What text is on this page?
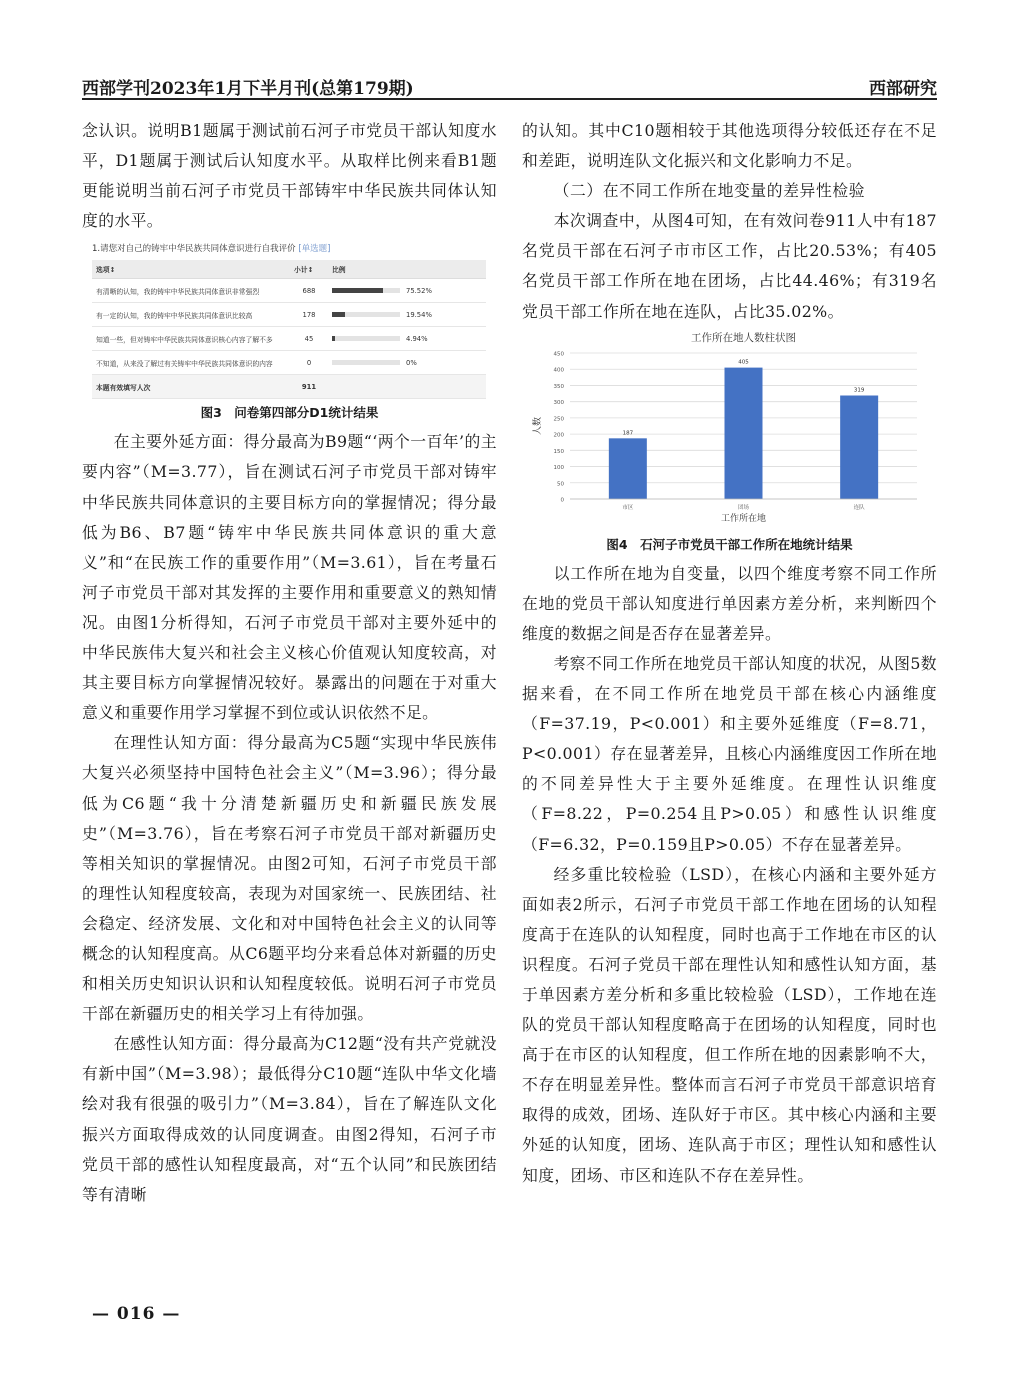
西部学刊2023年1月下半月刊(总第179期)	西部研究

念认识。说明B1题属于测试前石河子市党员干部认知度水平，D1题属于测试后认知度水平。从取样比例来看B1题更能说明当前石河子市党员干部铸牢中华民族共同体认知度的水平。

1.请您对自己的铸牢中华民族共同体意识进行自我评价 [单选题]
选项↕	小计↕	比例
有清晰的认知，我的铸牢中华民族共同体意识非常强烈	688	75.52%
有一定的认知，我的铸牢中华民族共同体意识比较高	178	19.54%
知道一些，但对铸牢中华民族共同体意识核心内容了解不多	45	4.94%
不知道，从来没了解过有关铸牢中华民族共同体意识的内容	0	0%
本题有效填写人次	911	
图3　问卷第四部分D1统计结果

在主要外延方面：得分最高为B9题“‘两个一百年’的主要内容”（M=3.77），旨在测试石河子市党员干部对铸牢中华民族共同体意识的主要目标方向的掌握情况；得分最低为B6、B7题“铸牢中华民族共同体意识的重大意义”和“在民族工作的重要作用”（M=3.61），旨在考量石河子市党员干部对其发挥的主要作用和重要意义的熟知情况。由图1分析得知，石河子市党员干部对主要外延中的中华民族伟大复兴和社会主义核心价值观认知度较高，对其主要目标方向掌握情况较好。暴露出的问题在于对重大意义和重要作用学习掌握不到位或认识依然不足。

在理性认知方面：得分最高为C5题“实现中华民族伟大复兴必须坚持中国特色社会主义”（M=3.96）；得分最低为C6题“我十分清楚新疆历史和新疆民族发展史”（M=3.76），旨在考察石河子市党员干部对新疆历史等相关知识的掌握情况。由图2可知，石河子市党员干部的理性认知程度较高，表现为对国家统一、民族团结、社会稳定、经济发展、文化和对中国特色社会主义的认同等概念的认知程度高。从C6题平均分来看总体对新疆的历史和相关历史知识认识和认知程度较低。说明石河子市党员干部在新疆历史的相关学习上有待加强。

在感性认知方面：得分最高为C12题“没有共产党就没有新中国”（M=3.98）；最低得分C10题“连队中华文化墙绘对我有很强的吸引力”（M=3.84），旨在了解连队文化振兴方面取得成效的认同度调查。由图2得知，石河子市党员干部的感性认知程度最高，对“五个认同”和民族团结等有清晰

的认知。其中C10题相较于其他选项得分较低还存在不足和差距，说明连队文化振兴和文化影响力不足。

（二）在不同工作所在地变量的差异性检验

本次调查中，从图4可知，在有效问卷911人中有187名党员干部在石河子市市区工作，占比20.53%；有405名党员干部工作所在地在团场，占比44.46%；有319名党员干部工作所在地在连队，占比35.02%。

工作所在地人数柱状图
0
50
100
150
200
250
300
350
400
450
人数	187
市区
405
团场
319
连队
工作所在地
图4　石河子市党员干部工作所在地统计结果

以工作所在地为自变量，以四个维度考察不同工作所在地的党员干部认知度进行单因素方差分析，来判断四个维度的数据之间是否存在显著差异。

考察不同工作所在地党员干部认知度的状况，从图5数据来看，在不同工作所在地党员干部在核心内涵维度（F=37.19，P<0.001）和主要外延维度（F=8.71，P<0.001）存在显著差异，且核心内涵维度因工作所在地的不同差异性大于主要外延维度。在理性认识维度（F=8.22，P=0.254且P>0.05）和感性认识维度（F=6.32，P=0.159且P>0.05）不存在显著差异。

经多重比较检验（LSD），在核心内涵和主要外延方面如表2所示，石河子市党员干部工作地在团场的认知程度高于在连队的认知程度，同时也高于工作地在市区的认识程度。石河子党员干部在理性认知和感性认知方面，基于单因素方差分析和多重比较检验（LSD），工作地在连队的党员干部认知程度略高于在团场的认知程度，同时也高于在市区的认知程度，但工作所在地的因素影响不大，不存在明显差异性。整体而言石河子市党员干部意识培育取得的成效，团场、连队好于市区。其中核心内涵和主要外延的认知度，团场、连队高于市区；理性认知和感性认知度，团场、市区和连队不存在差异性。

— 016 —
